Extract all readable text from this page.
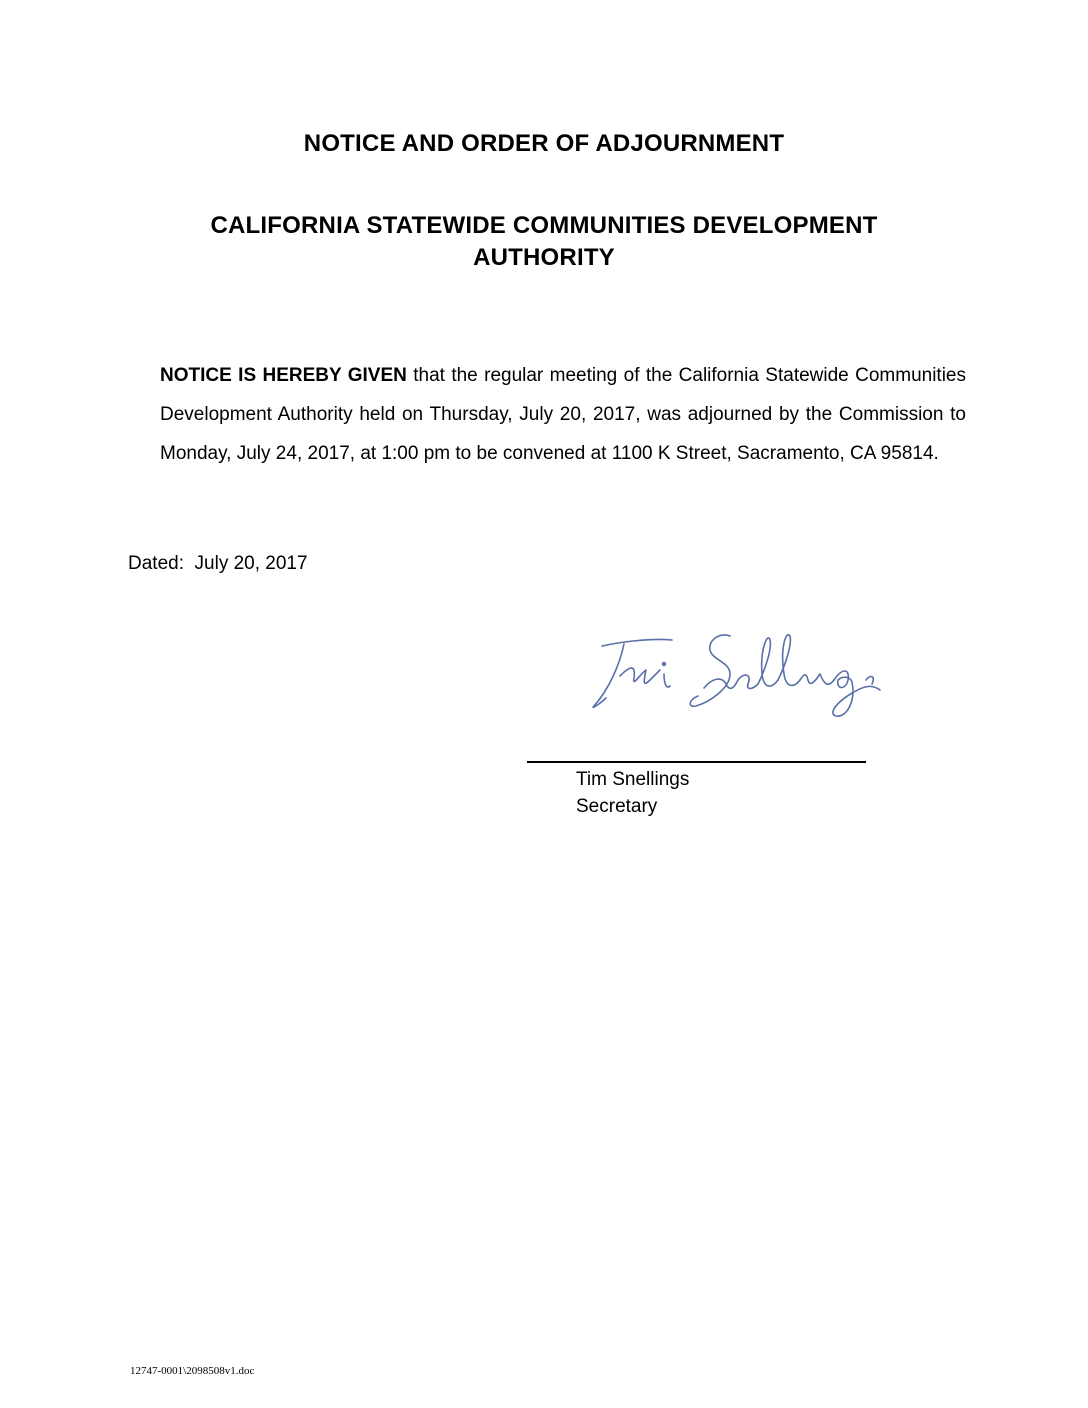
NOTICE AND ORDER OF ADJOURNMENT
CALIFORNIA STATEWIDE COMMUNITIES DEVELOPMENT AUTHORITY
NOTICE IS HEREBY GIVEN that the regular meeting of the California Statewide Communities Development Authority held on Thursday, July 20, 2017, was adjourned by the Commission to Monday, July 24, 2017, at 1:00 pm to be convened at 1100 K Street, Sacramento, CA 95814.
Dated:  July 20, 2017
Tim Snellings
Secretary
12747-0001\2098508v1.doc
